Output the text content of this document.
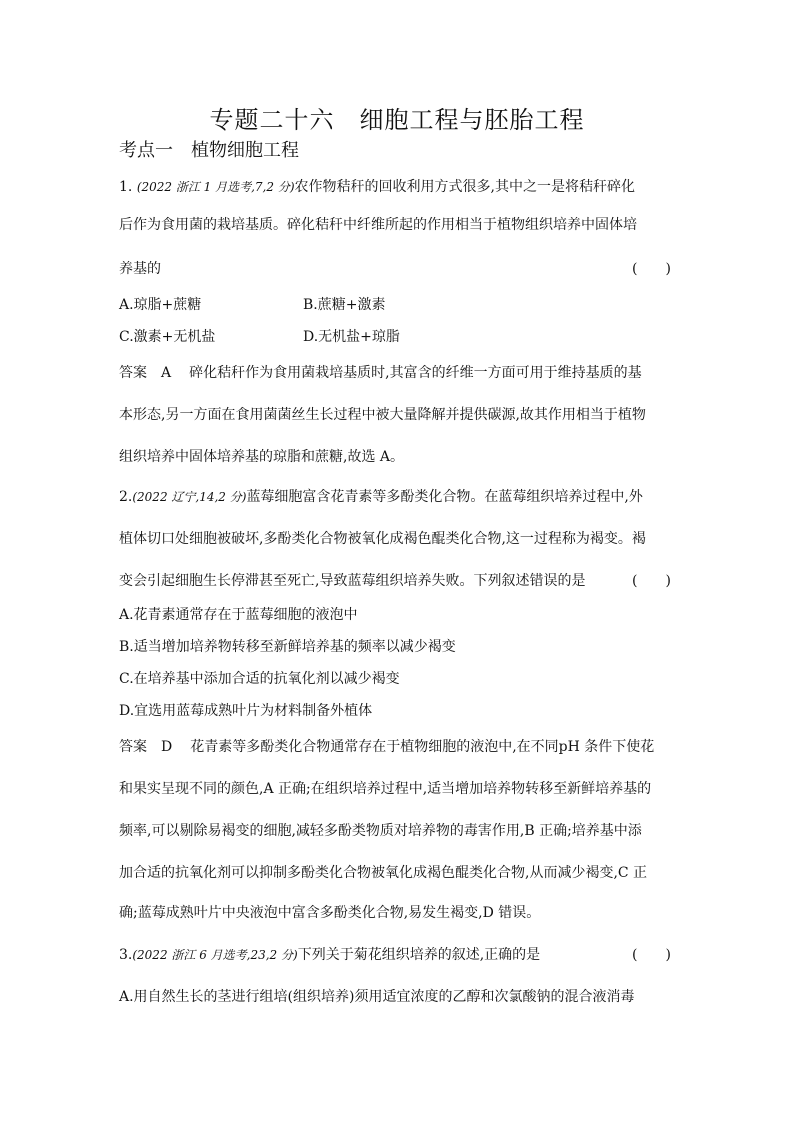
专题二十六　细胞工程与胚胎工程
考点一　植物细胞工程
1. (2022 浙江 1 月选考,7,2 分)农作物秸秆的回收利用方式很多,其中之一是将秸秆碎化
后作为食用菌的栽培基质。碎化秸秆中纤维所起的作用相当于植物组织培养中固体培
养基的	(　　)
A.琼脂+蔗糖	B.蔗糖+激素
C.激素+无机盐	D.无机盐+琼脂
答案 A 碎化秸秆作为食用菌栽培基质时,其富含的纤维一方面可用于维持基质的基
本形态,另一方面在食用菌菌丝生长过程中被大量降解并提供碳源,故其作用相当于植物
组织培养中固体培养基的琼脂和蔗糖,故选 A。
2.(2022 辽宁,14,2 分)蓝莓细胞富含花青素等多酚类化合物。在蓝莓组织培养过程中,外
植体切口处细胞被破坏,多酚类化合物被氧化成褐色醌类化合物,这一过程称为褐变。褐
变会引起细胞生长停滞甚至死亡,导致蓝莓组织培养失败。下列叙述错误的是	(　　)
A.花青素通常存在于蓝莓细胞的液泡中
B.适当增加培养物转移至新鲜培养基的频率以减少褐变
C.在培养基中添加合适的抗氧化剂以减少褐变
D.宜选用蓝莓成熟叶片为材料制备外植体
答案 D 花青素等多酚类化合物通常存在于植物细胞的液泡中,在不同pH 条件下使花
和果实呈现不同的颜色,A 正确;在组织培养过程中,适当增加培养物转移至新鲜培养基的
频率,可以剔除易褐变的细胞,减轻多酚类物质对培养物的毒害作用,B 正确;培养基中添
加合适的抗氧化剂可以抑制多酚类化合物被氧化成褐色醌类化合物,从而减少褐变,C 正
确;蓝莓成熟叶片中央液泡中富含多酚类化合物,易发生褐变,D 错误。
3.(2022 浙江 6 月选考,23,2 分)下列关于菊花组织培养的叙述,正确的是	(　　)
A.用自然生长的茎进行组培(组织培养)须用适宜浓度的乙醇和次氯酸钠的混合液消毒
